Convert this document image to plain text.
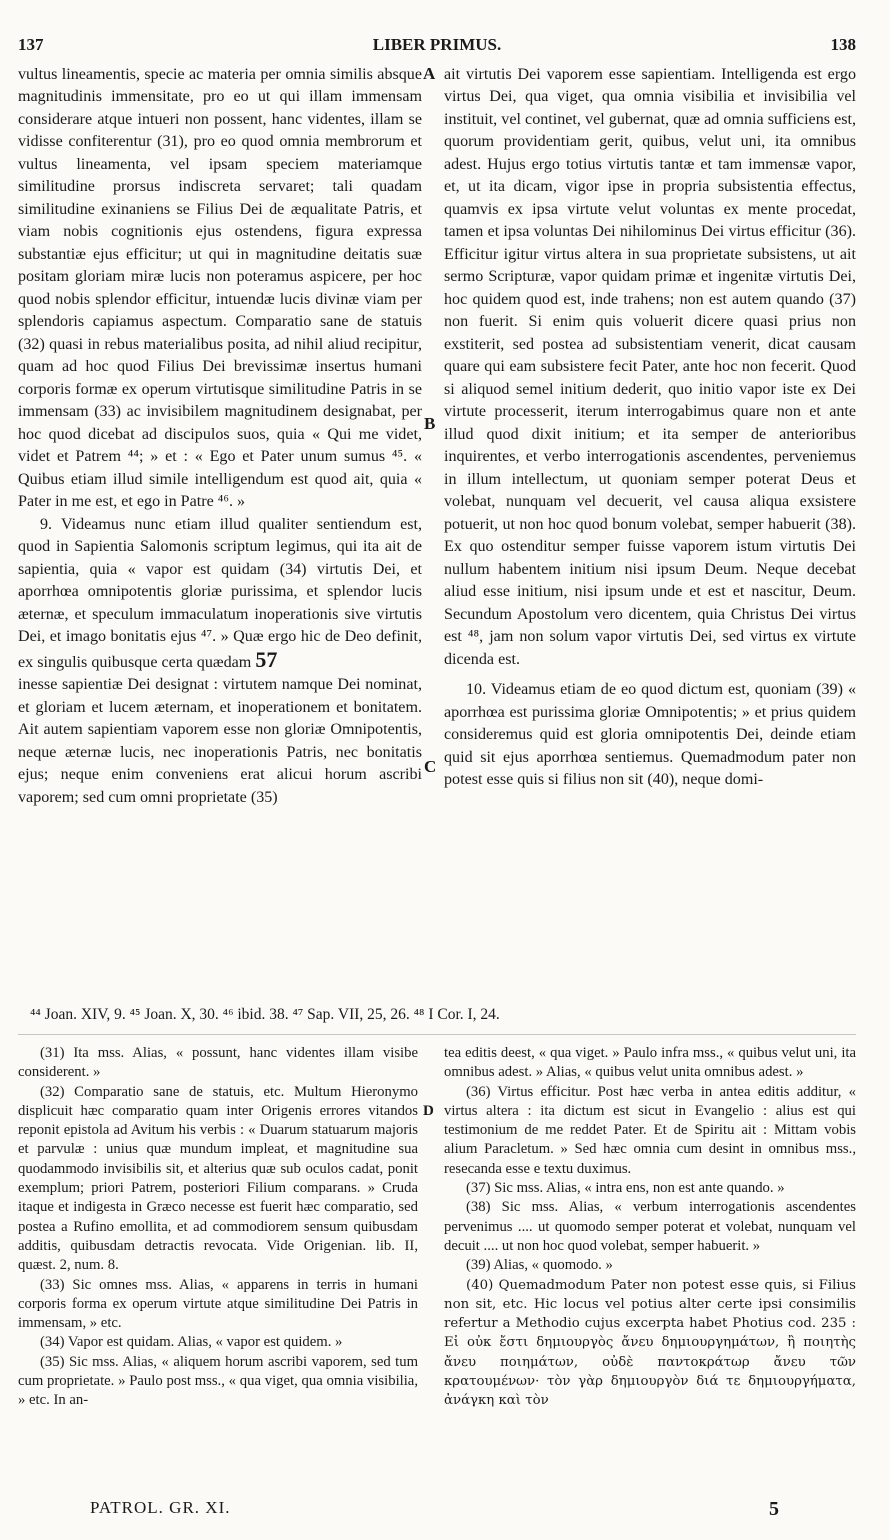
137	LIBER PRIMUS.	138
A
B
C
D

vultus lineamentis, specie ac materia per omnia similis absque magnitudinis immensitate, pro eo ut qui illam immensam considerare atque intueri non possent, hanc videntes, illam se vidisse confiterentur (31), pro eo quod omnia membrorum et vultus lineamenta, vel ipsam speciem materiamque similitudine prorsus indiscreta servaret; tali quadam similitudine exinaniens se Filius Dei de æqualitate Patris, et viam nobis cognitionis ejus ostendens, figura expressa substantiæ ejus efficitur; ut qui in magnitudine deitatis suæ positam gloriam miræ lucis non poteramus aspicere, per hoc quod nobis splendor efficitur, intuendæ lucis divinæ viam per splendoris capiamus aspectum. Comparatio sane de statuis (32) quasi in rebus materialibus posita, ad nihil aliud recipitur, quam ad hoc quod Filius Dei brevissimæ insertus humani corporis formæ ex operum virtutisque similitudine Patris in se immensam (33) ac invisibilem magnitudinem designabat, per hoc quod dicebat ad discipulos suos, quia « Qui me videt, videt et Patrem ⁴⁴; » et : « Ego et Pater unum sumus ⁴⁵. « Quibus etiam illud simile intelligendum est quod ait, quia « Pater in me est, et ego in Patre ⁴⁶. »

9. Videamus nunc etiam illud qualiter sentiendum est, quod in Sapientia Salomonis scriptum legimus, qui ita ait de sapientia, quia « vapor est quidam (34) virtutis Dei, et aporrhœa omnipotentis gloriæ purissima, et splendor lucis æternæ, et speculum immaculatum inoperationis sive virtutis Dei, et imago bonitatis ejus ⁴⁷. » Quæ ergo hic de Deo definit, ex singulis quibusque certa quædam 57

inesse sapientiæ Dei designat : virtutem namque Dei nominat, et gloriam et lucem æternam, et inoperationem et bonitatem. Ait autem sapientiam vaporem esse non gloriæ Omnipotentis, neque æternæ lucis, nec inoperationis Patris, nec bonitatis ejus; neque enim conveniens erat alicui horum ascribi vaporem; sed cum omni proprietate (35)

ait virtutis Dei vaporem esse sapientiam. Intelligenda est ergo virtus Dei, qua viget, qua omnia visibilia et invisibilia vel instituit, vel continet, vel gubernat, quæ ad omnia sufficiens est, quorum providentiam gerit, quibus, velut uni, ita omnibus adest. Hujus ergo totius virtutis tantæ et tam immensæ vapor, et, ut ita dicam, vigor ipse in propria subsistentia effectus, quamvis ex ipsa virtute velut voluntas ex mente procedat, tamen et ipsa voluntas Dei nihilominus Dei virtus efficitur (36). Efficitur igitur virtus altera in sua proprietate subsistens, ut ait sermo Scripturæ, vapor quidam primæ et ingenitæ virtutis Dei, hoc quidem quod est, inde trahens; non est autem quando (37) non fuerit. Si enim quis voluerit dicere quasi prius non exstiterit, sed postea ad subsistentiam venerit, dicat causam quare qui eam subsistere fecit Pater, ante hoc non fecerit. Quod si aliquod semel initium dederit, quo initio vapor iste ex Dei virtute processerit, iterum interrogabimus quare non et ante illud quod dixit initium; et ita semper de anterioribus inquirentes, et verbo interrogationis ascendentes, perveniemus in illum intellectum, ut quoniam semper poterat Deus et volebat, nunquam vel decuerit, vel causa aliqua exsistere potuerit, ut non hoc quod bonum volebat, semper habuerit (38). Ex quo ostenditur semper fuisse vaporem istum virtutis Dei nullum habentem initium nisi ipsum Deum. Neque decebat aliud esse initium, nisi ipsum unde et est et nascitur, Deum. Secundum Apostolum vero dicentem, quia Christus Dei virtus est ⁴⁸, jam non solum vapor virtutis Dei, sed virtus ex virtute dicenda est.

10. Videamus etiam de eo quod dictum est, quoniam (39) « aporrhœa est purissima gloriæ Omnipotentis; » et prius quidem consideremus quid est gloria omnipotentis Dei, deinde etiam quid sit ejus aporrhœa sentiemus. Quemadmodum pater non potest esse quis si filius non sit (40), neque domi-

⁴⁴ Joan. XIV, 9. ⁴⁵ Joan. X, 30. ⁴⁶ ibid. 38. ⁴⁷ Sap. VII, 25, 26. ⁴⁸ I Cor. I, 24.

(31) Ita mss. Alias, « possunt, hanc videntes illam visibe considerent. »

(32) Comparatio sane de statuis, etc. Multum Hieronymo displicuit hæc comparatio quam inter Origenis errores vitandos reponit epistola ad Avitum his verbis : « Duarum statuarum majoris et parvulæ : unius quæ mundum impleat, et magnitudine sua quodammodo invisibilis sit, et alterius quæ sub oculos cadat, ponit exemplum; priori Patrem, posteriori Filium comparans. » Cruda itaque et indigesta in Græco necesse est fuerit hæc comparatio, sed postea a Rufino emollita, et ad commodiorem sensum quibusdam additis, quibusdam detractis revocata. Vide Origenian. lib. II, quæst. 2, num. 8.

(33) Sic omnes mss. Alias, « apparens in terris in humani corporis forma ex operum virtute atque similitudine Dei Patris in immensam, » etc.

(34) Vapor est quidam. Alias, « vapor est quidem. »

(35) Sic mss. Alias, « aliquem horum ascribi vaporem, sed tum cum proprietate. » Paulo post mss., « qua viget, qua omnia visibilia, » etc. In an-

tea editis deest, « qua viget. » Paulo infra mss., « quibus velut uni, ita omnibus adest. » Alias, « quibus velut unita omnibus adest. »

(36) Virtus efficitur. Post hæc verba in antea editis additur, « virtus altera : ita dictum est sicut in Evangelio : alius est qui testimonium de me reddet Pater. Et de Spiritu ait : Mittam vobis alium Paracletum. » Sed hæc omnia cum desint in omnibus mss., resecanda esse e textu duximus.

(37) Sic mss. Alias, « intra ens, non est ante quando. »

(38) Sic mss. Alias, « verbum interrogationis ascendentes pervenimus .... ut quomodo semper poterat et volebat, nunquam vel decuit .... ut non hoc quod volebat, semper habuerit. »

(39) Alias, « quomodo. »

(40) Quemadmodum Pater non potest esse quis, si Filius non sit, etc. Hic locus vel potius alter certe ipsi consimilis refertur a Methodio cujus excerpta habet Photius cod. 235 : Εἰ οὐκ ἔστι δημιουργὸς ἄνευ δημιουργημάτων, ἢ ποιητὴς ἄνευ ποιημάτων, οὐδὲ παντοκράτωρ ἄνευ τῶν κρατουμένων· τὸν γὰρ δημιουργὸν διά τε δημιουργήματα, ἀνάγκη καὶ τὸν

PATROL. GR. XI.	5
